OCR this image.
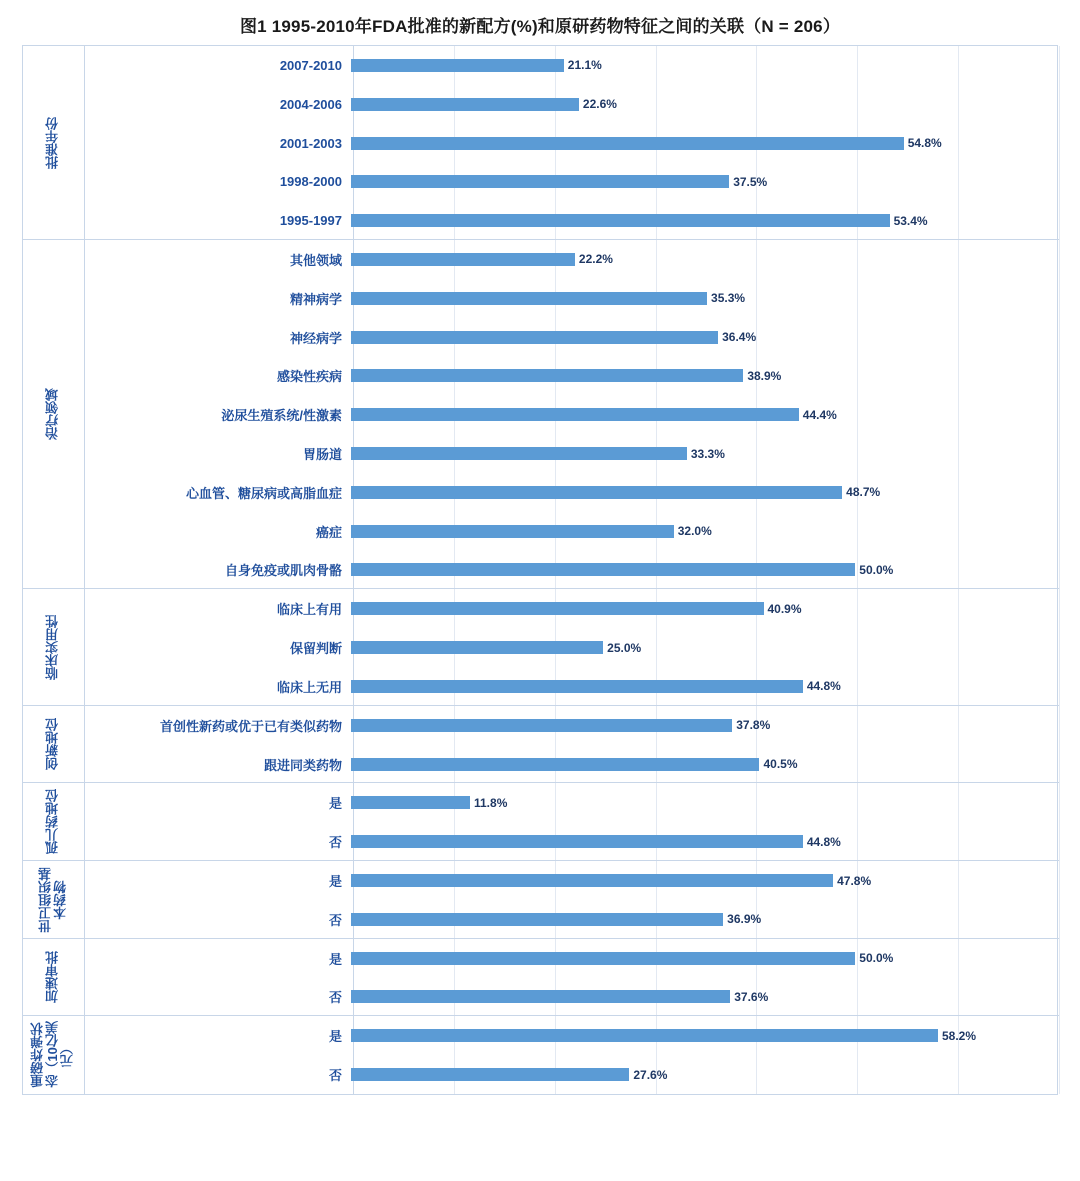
图1 1995-2010年FDA批准的新配方(%)和原研药物特征之间的关联（N = 206）
批准年份
2007-2010	21.1%
2004-2006	22.6%
2001-2003	54.8%
1998-2000	37.5%
1995-1997	53.4%
治疗领域
其他领域	22.2%
精神病学	35.3%
神经病学	36.4%
感染性疾病	38.9%
泌尿生殖系统/性激素	44.4%
胃肠道	33.3%
心血管、糖尿病或高脂血症	48.7%
癌症	32.0%
自身免疫或肌肉骨骼	50.0%
临床实用性
临床上有用	40.9%
保留判断	25.0%
临床上无用	44.8%
创新地位	首创性新药或优于已有类似药物	37.8%
跟进同类药物	40.5%
孤儿药地位	是	11.8%
否	44.8%
世卫组织基本药物	是	47.8%
否	36.9%
加速审批	是	50.0%
否	37.6%
重磅炸弹状态（10亿美元）
是	58.2%
否	27.6%
